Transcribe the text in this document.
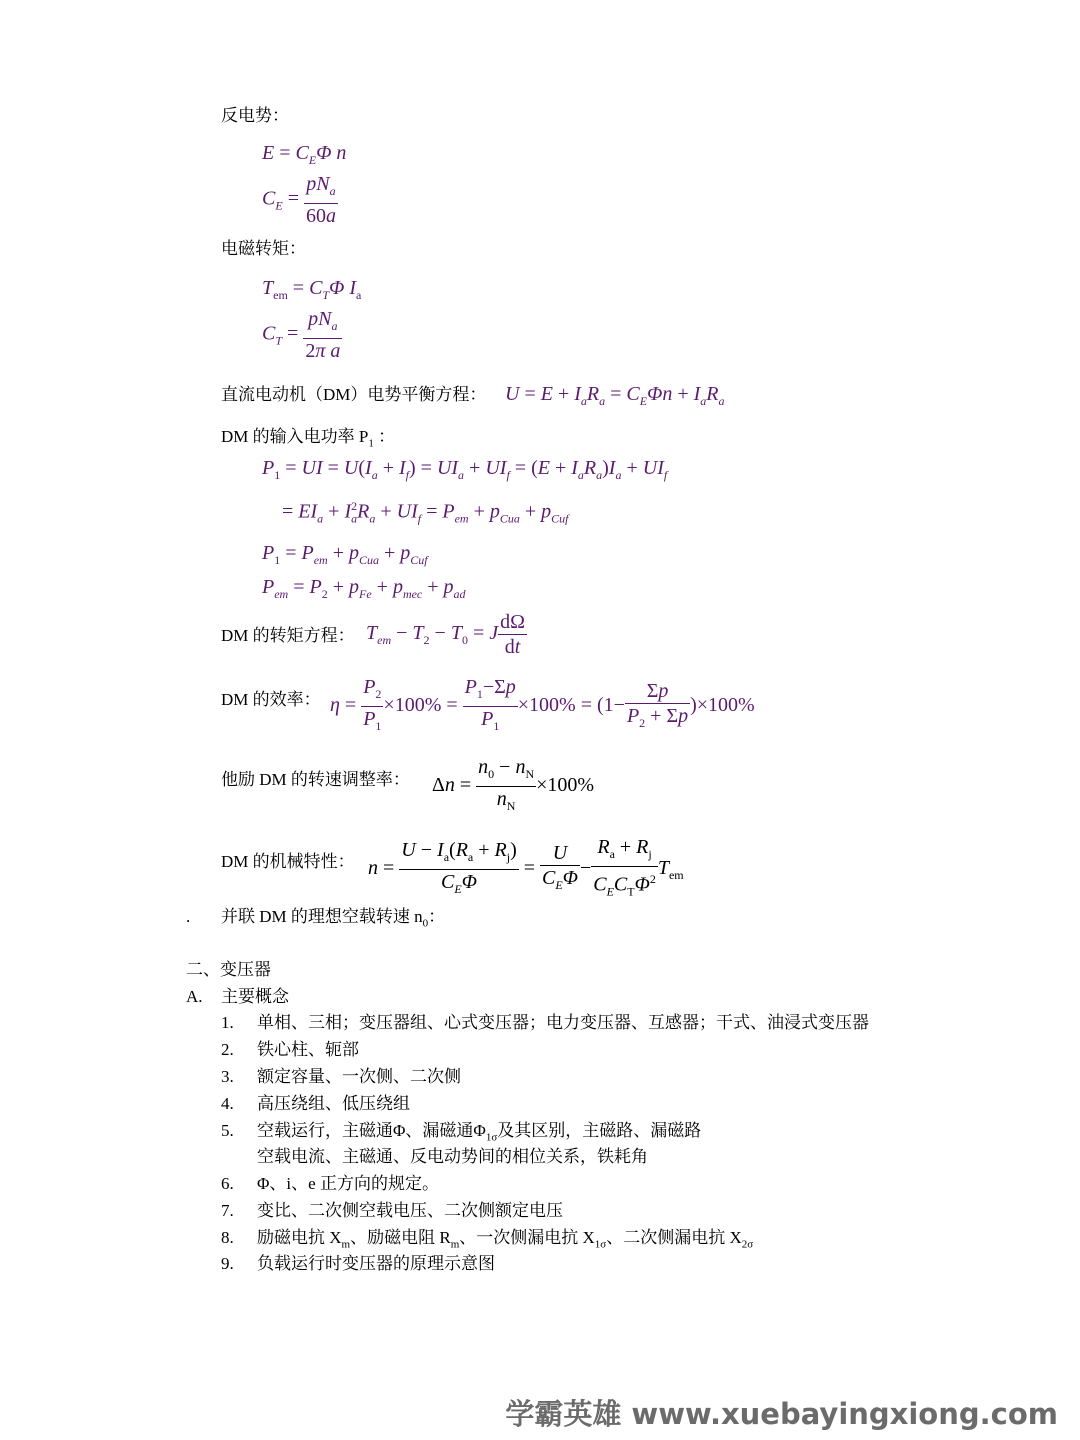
反电势：
$E = C_E\Phi$ n
$C_E = \frac{pN_a}{60a}$
电磁转矩：
$T_{em} = C_T\Phi$ $I_a$
$C_T = \frac{pN_a}{\text{2π a}}$
直流电动机（DM）电势平衡方程： $U = E + I_aR_a = C_E\Phi n + I_aR_a$
DM 的输入电功率 $P_1$ ：
$P_1$ = UI = $U(I_a + I_f) = UI_a + UI_f = (E + I_aR_a)I_a + UI_f$
= $EI_a + I_a^2R_a + UI_f = P_{em} + p_{Cua} + p_{Cuf}$
$P_1 = P_{em} + p_{Cua} + p_{Cuf}$
$P_{em} = P_2 + p_{Fe} + p_{mec} + p_{ad}$
DM 的转矩方程： $T_{em} - T_2 - T_0 = J \frac{d\Omega}{dt}$
DM 的效率： $\eta = \frac{P_2}{P_1} \times 100\% = \frac{P_1-\Sigma p}{P_1} \times 100\% = (1- \frac{\Sigma p}{P_2 + \Sigma p} )\times 100\%$
他励 DM 的转速调整率： $\Delta n = \frac{n_0 - n_N}{n_N} \times 100\%$
DM 的机械特性： $n = \frac{U - I_a(R_a + R_j)}{C_E\Phi} = \frac{U}{C_E\Phi} - \frac{R_a + R_j}{C_EC_T\Phi^2} T_{em}$
. 并联 DM 的理想空载转速 $n_0$：
二、变压器
A. 主要概念
1. 单相、三相；变压器组、心式变压器；电力变压器、互感器；干式、油浸式变压器
2. 铁心柱、轭部
3. 额定容量、一次侧、二次侧
4. 高压绕组、低压绕组
5. 空载运行，主磁通Φ、漏磁通$\Phi_{1\sigma}$及其区别，主磁路、漏磁路
空载电流、主磁通、反电动势间的相位关系，铁耗角
6. Φ、i、e 正方向的规定。
7. 变比、二次侧空载电压、二次侧额定电压
8. 励磁电抗 $X_m$、励磁电阻 $R_m$、一次侧漏电抗 $X_{1\sigma}$、二次侧漏电抗 $X_{2\sigma}$
9. 负载运行时变压器的原理示意图
学霸英雄 www.xuebayingxiong.com
